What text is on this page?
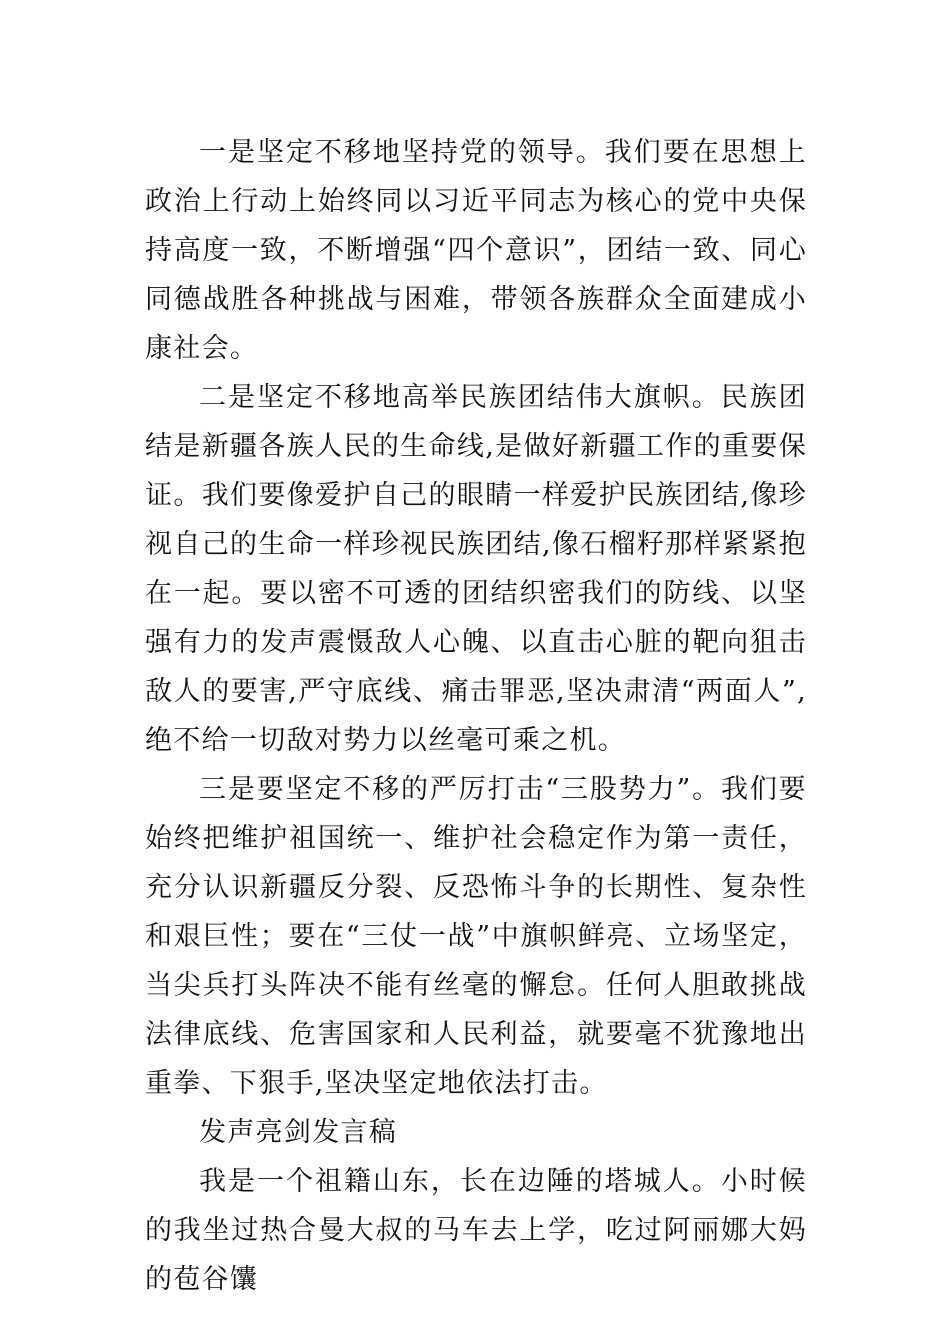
一是坚定不移地坚持党的领导。我们要在思想上政治上行动上始终同以习近平同志为核心的党中央保持高度一致，不断增强“四个意识”，团结一致、同心同德战胜各种挑战与困难，带领各族群众全面建成小康社会。

二是坚定不移地高举民族团结伟大旗帜。民族团结是新疆各族人民的生命线,是做好新疆工作的重要保证。我们要像爱护自己的眼睛一样爱护民族团结,像珍视自己的生命一样珍视民族团结,像石榴籽那样紧紧抱在一起。要以密不可透的团结织密我们的防线、以坚强有力的发声震慑敌人心魄、以直击心脏的靶向狙击敌人的要害,严守底线、痛击罪恶,坚决肃清“两面人”,绝不给一切敌对势力以丝毫可乘之机。

三是要坚定不移的严厉打击“三股势力”。我们要始终把维护祖国统一、维护社会稳定作为第一责任，充分认识新疆反分裂、反恐怖斗争的长期性、复杂性和艰巨性；要在“三仗一战”中旗帜鲜亮、立场坚定，当尖兵打头阵决不能有丝毫的懈怠。任何人胆敢挑战法律底线、危害国家和人民利益，就要毫不犹豫地出重拳、下狠手,坚决坚定地依法打击。

发声亮剑发言稿

我是一个祖籍山东，长在边陲的塔城人。小时候的我坐过热合曼大叔的马车去上学，吃过阿丽娜大妈的苞谷馕
